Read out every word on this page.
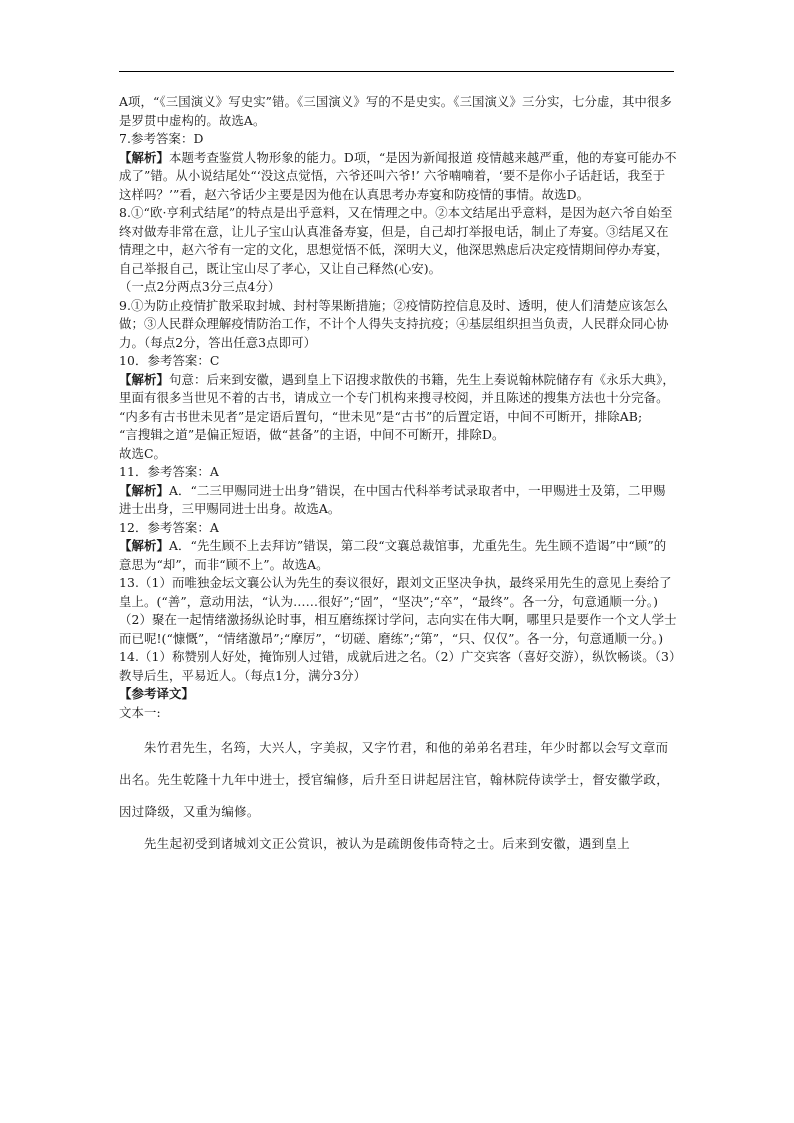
A项，“《三国演义》写史实”错。《三国演义》写的不是史实。《三国演义》三分实，七分虚，其中很多是罗贯中虚构的。故选A。

7.参考答案：D

【解析】本题考查鉴赏人物形象的能力。D项，“是因为新闻报道 疫情越来越严重，他的寿宴可能办不成了”错。从小说结尾处“‘没这点觉悟，六爷还叫六爷!’ 六爷喃喃着，‘要不是你小子话赶话，我至于这样吗？’”看，赵六爷话少主要是因为他在认真思考办寿宴和防疫情的事情。故选D。

8.①“欧·亨利式结尾”的特点是出乎意料，又在情理之中。②本文结尾出乎意料，是因为赵六爷自始至终对做寿非常在意，让儿子宝山认真准备寿宴，但是，自己却打举报电话，制止了寿宴。③结尾又在情理之中，赵六爷有一定的文化，思想觉悟不低，深明大义，他深思熟虑后决定疫情期间停办寿宴，自己举报自己，既让宝山尽了孝心，又让自己释然(心安)。

（一点2分两点3分三点4分）

9.①为防止疫情扩散采取封城、封村等果断措施；②疫情防控信息及时、透明，使人们清楚应该怎么做；③人民群众理解疫情防治工作，不计个人得失支持抗疫；④基层组织担当负责，人民群众同心协力。（每点2分，答出任意3点即可）

10．参考答案：C

【解析】句意：后来到安徽，遇到皇上下诏搜求散佚的书籍，先生上奏说翰林院储存有《永乐大典》，里面有很多当世见不着的古书，请成立一个专门机构来搜寻校阅，并且陈述的搜集方法也十分完备。

“内多有古书世未见者”是定语后置句，“世未见”是“古书”的后置定语，中间不可断开，排除AB;

“言搜辑之道”是偏正短语，做“甚备”的主语，中间不可断开，排除D。

故选C。

11．参考答案：A

【解析】A．“二三甲赐同进士出身”错误，在中国古代科举考试录取者中，一甲赐进士及第，二甲赐进士出身，三甲赐同进士出身。故选A。

12．参考答案：A

【解析】A．“先生顾不上去拜访”错误，第二段“文襄总裁馆事，尤重先生。先生顾不造谒”中“顾”的意思为“却”，而非“顾不上”。故选A。

13.（1）而唯独金坛文襄公认为先生的奏议很好，跟刘文正坚决争执，最终采用先生的意见上奏给了皇上。(“善”，意动用法，“认为……很好”;“固”，“坚决”;“卒”，“最终”。各一分，句意通顺一分。)

（2）聚在一起情绪激扬纵论时事，相互磨练探讨学问，志向实在伟大啊，哪里只是要作一个文人学士而已呢!(“慷慨”，“情绪激昂”;“摩厉”，“切磋、磨练”;“第”，“只、仅仅”。各一分，句意通顺一分。)

14.（1）称赞别人好处，掩饰别人过错，成就后进之名。（2）广交宾客（喜好交游），纵饮畅谈。（3）教导后生，平易近人。（每点1分，满分3分）

【参考译文】

文本一:

朱竹君先生，名筠，大兴人，字美叔，又字竹君，和他的弟弟名君珪，年少时都以会写文章而出名。先生乾隆十九年中进士，授官编修，后升至日讲起居注官，翰林院侍读学士，督安徽学政，因过降级，又重为编修。

先生起初受到诸城刘文正公赏识，被认为是疏朗俊伟奇特之士。后来到安徽，遇到皇上
